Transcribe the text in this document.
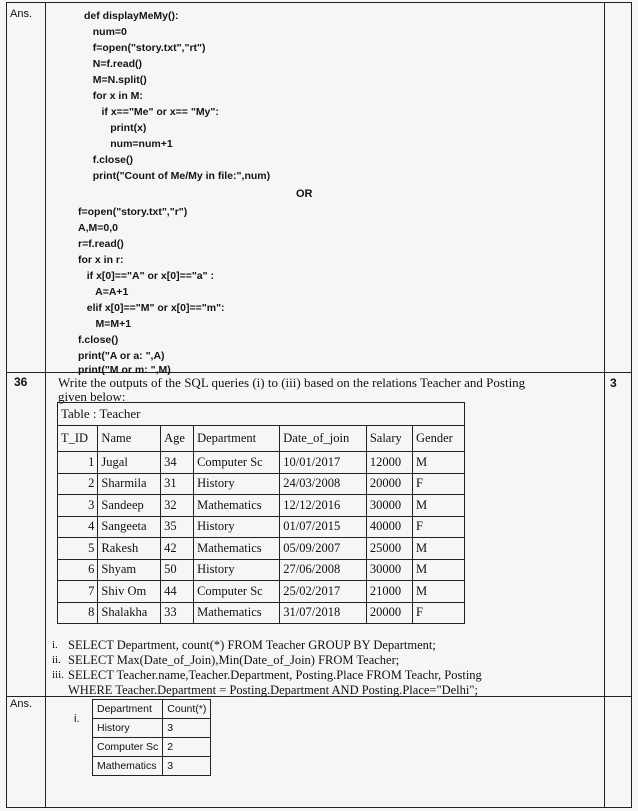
Ans.
36	3
Ans.
def displayMeMy():
num=0
f=open("story.txt","rt")
N=f.read()
M=N.split()
for x in M:
if x=="Me" or x== "My":
print(x)
num=num+1
f.close()
print("Count of Me/My in file:",num)
OR
f=open("story.txt","r")
A,M=0,0
r=f.read()
for x in r:
if x[0]=="A" or x[0]=="a" :
A=A+1
elif x[0]=="M" or x[0]=="m":
M=M+1
f.close()
print("A or a: ",A)
print("M or m: ",M)
Write the outputs of the SQL queries (i) to (iii) based on the relations Teacher and Posting
given below:
Table : Teacher						
T_ID	Name	Age	Department	Date_of_join	Salary	Gender
1	Jugal	34	Computer Sc	10/01/2017	12000	M
2	Sharmila	31	History	24/03/2008	20000	F
3	Sandeep	32	Mathematics	12/12/2016	30000	M
4	Sangeeta	35	History	01/07/2015	40000	F
5	Rakesh	42	Mathematics	05/09/2007	25000	M
6	Shyam	50	History	27/06/2008	30000	M
7	Shiv Om	44	Computer Sc	25/02/2017	21000	M
8	Shalakha	33	Mathematics	31/07/2018	20000	F
i. SELECT Department, count(*) FROM Teacher GROUP BY Department;
ii. SELECT Max(Date_of_Join),Min(Date_of_Join) FROM Teacher;
iii. SELECT Teacher.name,Teacher.Department, Posting.Place FROM Teachr, Posting
WHERE Teacher.Department = Posting.Department AND Posting.Place="Delhi";
i.
Department	Count(*)
History	3
Computer Sc	2
Mathematics	3
